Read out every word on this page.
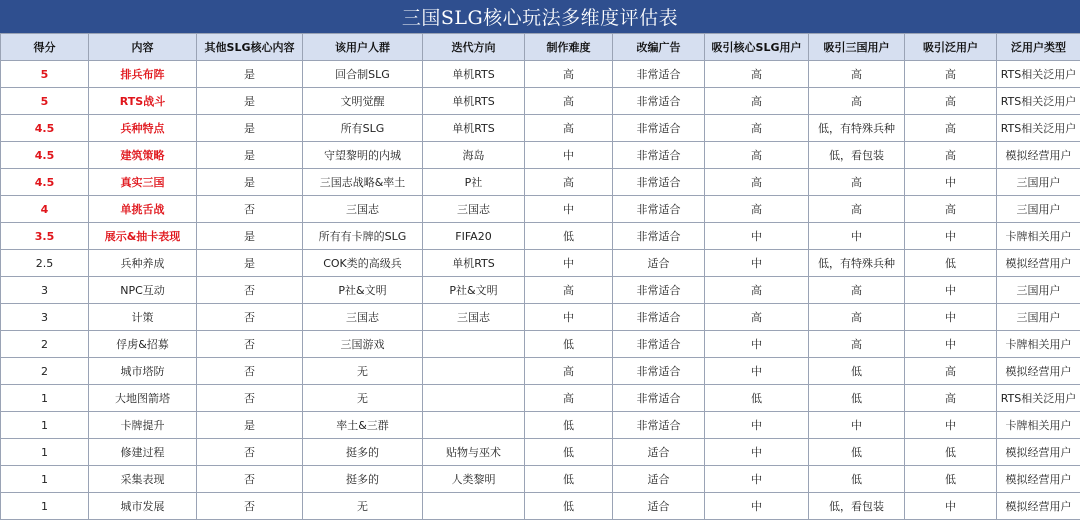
三国SLG核心玩法多维度评估表
得分	内容	其他SLG核心内容	该用户人群	迭代方向	制作难度	改编广告	吸引核心SLG用户	吸引三国用户	吸引泛用户	泛用户类型
5	排兵布阵	是	回合制SLG	单机RTS	高	非常适合	高	高	高	RTS相关泛用户
5	RTS战斗	是	文明觉醒	单机RTS	高	非常适合	高	高	高	RTS相关泛用户
4.5	兵种特点	是	所有SLG	单机RTS	高	非常适合	高	低，有特殊兵种	高	RTS相关泛用户
4.5	建筑策略	是	守望黎明的内城	海岛	中	非常适合	高	低，看包装	高	模拟经营用户
4.5	真实三国	是	三国志战略&率土	P社	高	非常适合	高	高	中	三国用户
4	单挑舌战	否	三国志	三国志	中	非常适合	高	高	高	三国用户
3.5	展示&抽卡表现	是	所有有卡牌的SLG	FIFA20	低	非常适合	中	中	中	卡牌相关用户
2.5	兵种养成	是	COK类的高级兵	单机RTS	中	适合	中	低，有特殊兵种	低	模拟经营用户
3	NPC互动	否	P社&文明	P社&文明	高	非常适合	高	高	中	三国用户
3	计策	否	三国志	三国志	中	非常适合	高	高	中	三国用户
2	俘虏&招募	否	三国游戏		低	非常适合	中	高	中	卡牌相关用户
2	城市塔防	否	无		高	非常适合	中	低	高	模拟经营用户
1	大地图箭塔	否	无		高	非常适合	低	低	高	RTS相关泛用户
1	卡牌提升	是	率土&三群		低	非常适合	中	中	中	卡牌相关用户
1	修建过程	否	挺多的	贴物与巫术	低	适合	中	低	低	模拟经营用户
1	采集表现	否	挺多的	人类黎明	低	适合	中	低	低	模拟经营用户
1	城市发展	否	无		低	适合	中	低，看包装	中	模拟经营用户
